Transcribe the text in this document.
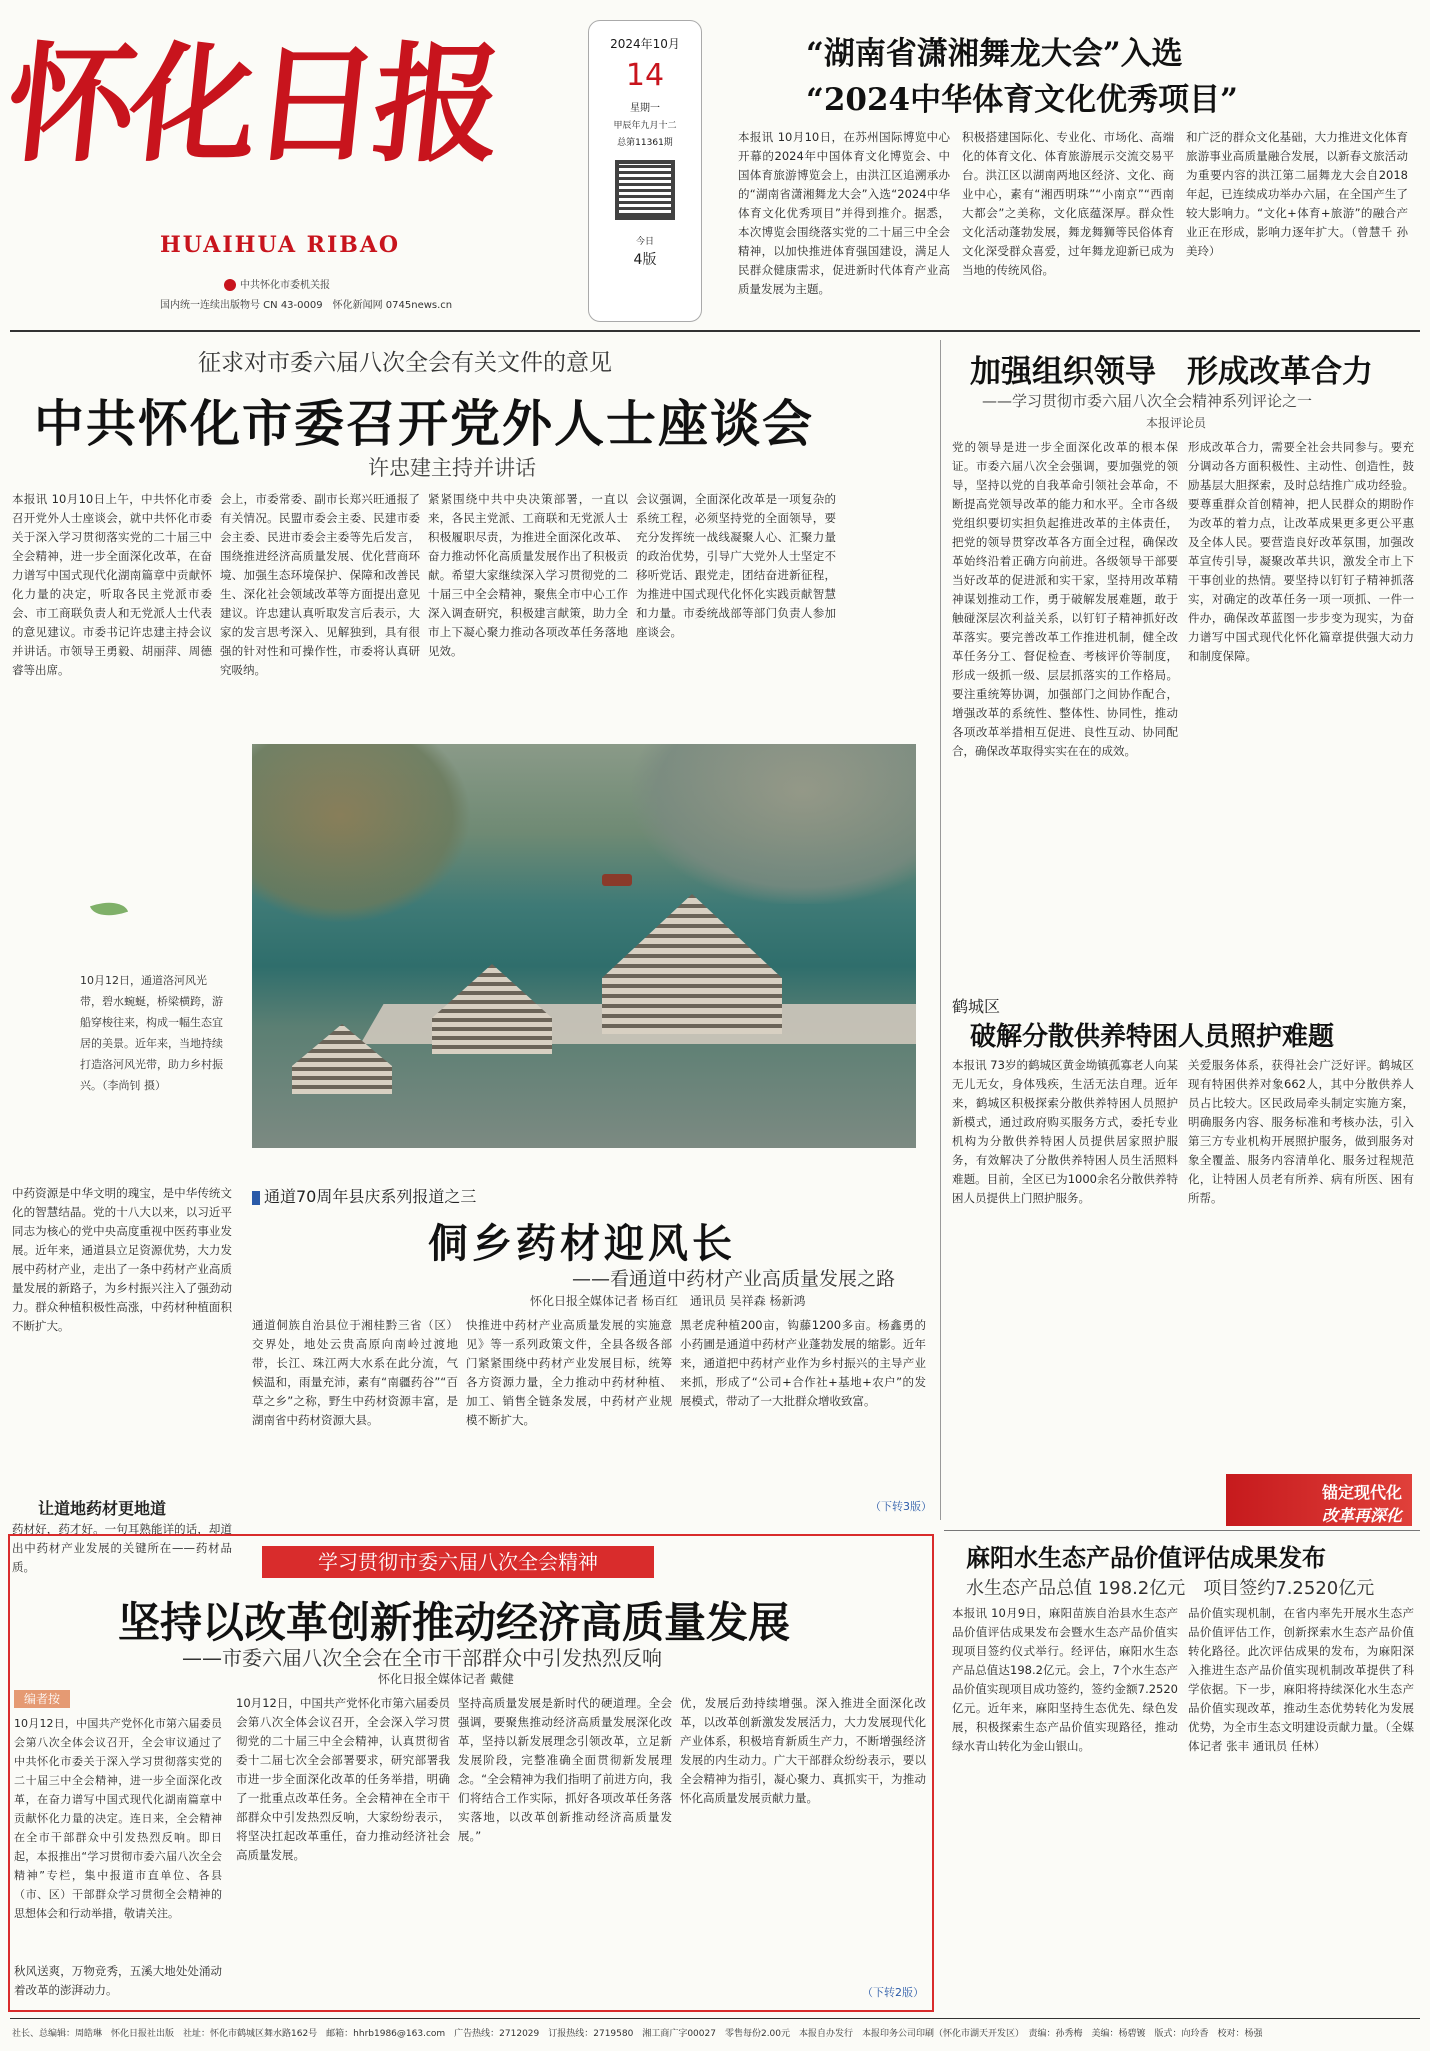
怀化日报
HUAIHUA RIBAO
中共怀化市委机关报
国内统一连续出版物号 CN 43-0009　怀化新闻网 0745news.cn
2024年10月
14
星期一
甲辰年九月十二
总第11361期
今日
4版
“湖南省潇湘舞龙大会”入选
“2024中华体育文化优秀项目”
本报讯 10月10日，在苏州国际博览中心开幕的2024年中国体育文化博览会、中国体育旅游博览会上，由洪江区追溯承办的“湖南省潇湘舞龙大会”入选“2024中华体育文化优秀项目”并得到推介。据悉，本次博览会围绕落实党的二十届三中全会精神，以加快推进体育强国建设，满足人民群众健康需求，促进新时代体育产业高质量发展为主题。
积极搭建国际化、专业化、市场化、高端化的体育文化、体育旅游展示交流交易平台。洪江区以湖南两地区经济、文化、商业中心，素有“湘西明珠”“小南京”“西南大都会”之美称，文化底蕴深厚。群众性文化活动蓬勃发展，舞龙舞狮等民俗体育文化深受群众喜爱，过年舞龙迎新已成为当地的传统风俗。
和广泛的群众文化基础，大力推进文化体育旅游事业高质量融合发展，以新春文旅活动为重要内容的洪江第二届舞龙大会自2018年起，已连续成功举办六届，在全国产生了较大影响力。“文化+体育+旅游”的融合产业正在形成，影响力逐年扩大。（曾慧千 孙美玲）
征求对市委六届八次全会有关文件的意见
中共怀化市委召开党外人士座谈会
许忠建主持并讲话
本报讯 10月10日上午，中共怀化市委召开党外人士座谈会，就中共怀化市委关于深入学习贯彻落实党的二十届三中全会精神，进一步全面深化改革，在奋力谱写中国式现代化湖南篇章中贡献怀化力量的决定，听取各民主党派市委会、市工商联负责人和无党派人士代表的意见建议。市委书记许忠建主持会议并讲话。市领导王勇毅、胡丽萍、周德睿等出席。
会上，市委常委、副市长郑兴旺通报了有关情况。民盟市委会主委、民建市委会主委、民进市委会主委等先后发言，围绕推进经济高质量发展、优化营商环境、加强生态环境保护、保障和改善民生、深化社会领域改革等方面提出意见建议。许忠建认真听取发言后表示，大家的发言思考深入、见解独到，具有很强的针对性和可操作性，市委将认真研究吸纳。
紧紧围绕中共中央决策部署，一直以来，各民主党派、工商联和无党派人士积极履职尽责，为推进全面深化改革、奋力推动怀化高质量发展作出了积极贡献。希望大家继续深入学习贯彻党的二十届三中全会精神，聚焦全市中心工作深入调查研究，积极建言献策，助力全市上下凝心聚力推动各项改革任务落地见效。
会议强调，全面深化改革是一项复杂的系统工程，必须坚持党的全面领导，要充分发挥统一战线凝聚人心、汇聚力量的政治优势，引导广大党外人士坚定不移听党话、跟党走，团结奋进新征程，为推进中国式现代化怀化实践贡献智慧和力量。市委统战部等部门负责人参加座谈会。
加强组织领导　形成改革合力
——学习贯彻市委六届八次全会精神系列评论之一
本报评论员
党的领导是进一步全面深化改革的根本保证。市委六届八次全会强调，要加强党的领导，坚持以党的自我革命引领社会革命，不断提高党领导改革的能力和水平。全市各级党组织要切实担负起推进改革的主体责任，把党的领导贯穿改革各方面全过程，确保改革始终沿着正确方向前进。各级领导干部要当好改革的促进派和实干家，坚持用改革精神谋划推动工作，勇于破解发展难题，敢于触碰深层次利益关系，以钉钉子精神抓好改革落实。要完善改革工作推进机制，健全改革任务分工、督促检查、考核评价等制度，形成一级抓一级、层层抓落实的工作格局。要注重统筹协调，加强部门之间协作配合，增强改革的系统性、整体性、协同性，推动各项改革举措相互促进、良性互动、协同配合，确保改革取得实实在在的成效。
形成改革合力，需要全社会共同参与。要充分调动各方面积极性、主动性、创造性，鼓励基层大胆探索，及时总结推广成功经验。要尊重群众首创精神，把人民群众的期盼作为改革的着力点，让改革成果更多更公平惠及全体人民。要营造良好改革氛围，加强改革宣传引导，凝聚改革共识，激发全市上下干事创业的热情。要坚持以钉钉子精神抓落实，对确定的改革任务一项一项抓、一件一件办，确保改革蓝图一步步变为现实，为奋力谱写中国式现代化怀化篇章提供强大动力和制度保障。
10月12日，通道洛河风光带，碧水蜿蜒，桥梁横跨，游船穿梭往来，构成一幅生态宜居的美景。近年来，当地持续打造洛河风光带，助力乡村振兴。（李尚钊 摄）
鹤城区
破解分散供养特困人员照护难题
本报讯 73岁的鹤城区黄金坳镇孤寡老人向某无儿无女，身体残疾，生活无法自理。近年来，鹤城区积极探索分散供养特困人员照护新模式，通过政府购买服务方式，委托专业机构为分散供养特困人员提供居家照护服务，有效解决了分散供养特困人员生活照料难题。目前，全区已为1000余名分散供养特困人员提供上门照护服务。
关爱服务体系，获得社会广泛好评。鹤城区现有特困供养对象662人，其中分散供养人员占比较大。区民政局牵头制定实施方案，明确服务内容、服务标准和考核办法，引入第三方专业机构开展照护服务，做到服务对象全覆盖、服务内容清单化、服务过程规范化，让特困人员老有所养、病有所医、困有所帮。
锚定现代化
改革再深化
麻阳水生态产品价值评估成果发布
水生态产品总值 198.2亿元　项目签约7.2520亿元
本报讯 10月9日，麻阳苗族自治县水生态产品价值评估成果发布会暨水生态产品价值实现项目签约仪式举行。经评估，麻阳水生态产品总值达198.2亿元。会上，7个水生态产品价值实现项目成功签约，签约金额7.2520亿元。近年来，麻阳坚持生态优先、绿色发展，积极探索生态产品价值实现路径，推动绿水青山转化为金山银山。
品价值实现机制，在省内率先开展水生态产品价值评估工作，创新探索水生态产品价值转化路径。此次评估成果的发布，为麻阳深入推进生态产品价值实现机制改革提供了科学依据。下一步，麻阳将持续深化水生态产品价值实现改革，推动生态优势转化为发展优势，为全市生态文明建设贡献力量。（全媒体记者 张丰 通讯员 任林）
中药资源是中华文明的瑰宝，是中华传统文化的智慧结晶。党的十八大以来，以习近平同志为核心的党中央高度重视中医药事业发展。近年来，通道县立足资源优势，大力发展中药材产业，走出了一条中药材产业高质量发展的新路子，为乡村振兴注入了强劲动力。群众种植积极性高涨，中药材种植面积不断扩大。
让道地药材更地道
药材好，药才好。一句耳熟能详的话，却道出中药材产业发展的关键所在——药材品质。
通道70周年县庆系列报道之三
侗乡药材迎风长
——看通道中药材产业高质量发展之路
怀化日报全媒体记者 杨百红　通讯员 吴祥森 杨新鸿
通道侗族自治县位于湘桂黔三省（区）交界处，地处云贵高原向南岭过渡地带，长江、珠江两大水系在此分流，气候温和，雨量充沛，素有“南疆药谷”“百草之乡”之称，野生中药材资源丰富，是湖南省中药材资源大县。
快推进中药材产业高质量发展的实施意见》等一系列政策文件，全县各级各部门紧紧围绕中药材产业发展目标，统筹各方资源力量，全力推动中药材种植、加工、销售全链条发展，中药材产业规模不断扩大。
黑老虎种植200亩，钩藤1200多亩。杨鑫勇的小药圃是通道中药材产业蓬勃发展的缩影。近年来，通道把中药材产业作为乡村振兴的主导产业来抓，形成了“公司+合作社+基地+农户”的发展模式，带动了一大批群众增收致富。
（下转3版）
学习贯彻市委六届八次全会精神
坚持以改革创新推动经济高质量发展
——市委六届八次全会在全市干部群众中引发热烈反响
怀化日报全媒体记者 戴健
编者按
10月12日，中国共产党怀化市第六届委员会第八次全体会议召开，全会审议通过了中共怀化市委关于深入学习贯彻落实党的二十届三中全会精神，进一步全面深化改革，在奋力谱写中国式现代化湖南篇章中贡献怀化力量的决定。连日来，全会精神在全市干部群众中引发热烈反响。即日起，本报推出“学习贯彻市委六届八次全会精神”专栏，集中报道市直单位、各县（市、区）干部群众学习贯彻全会精神的思想体会和行动举措，敬请关注。
秋风送爽，万物竞秀，五溪大地处处涌动着改革的澎湃动力。
10月12日，中国共产党怀化市第六届委员会第八次全体会议召开，全会深入学习贯彻党的二十届三中全会精神，认真贯彻省委十二届七次全会部署要求，研究部署我市进一步全面深化改革的任务举措，明确了一批重点改革任务。全会精神在全市干部群众中引发热烈反响，大家纷纷表示，将坚决扛起改革重任，奋力推动经济社会高质量发展。
坚持高质量发展是新时代的硬道理。全会强调，要聚焦推动经济高质量发展深化改革，坚持以新发展理念引领改革，立足新发展阶段，完整准确全面贯彻新发展理念。“全会精神为我们指明了前进方向，我们将结合工作实际，抓好各项改革任务落实落地，以改革创新推动经济高质量发展。”
优，发展后劲持续增强。深入推进全面深化改革，以改革创新激发发展活力，大力发展现代化产业体系，积极培育新质生产力，不断增强经济发展的内生动力。广大干部群众纷纷表示，要以全会精神为指引，凝心聚力、真抓实干，为推动怀化高质量发展贡献力量。
（下转2版）
社长、总编辑：周皓琳　怀化日报社出版　社址：怀化市鹤城区舞水路162号　邮箱：hhrb1986@163.com　广告热线：2712029　订报热线：2719580　湘工商广字00027　零售每份2.00元　本报自办发行　本报印务公司印刷（怀化市湖天开发区）　责编：孙秀梅　美编：杨碧镀　版式：向玲香　校对：杨强
